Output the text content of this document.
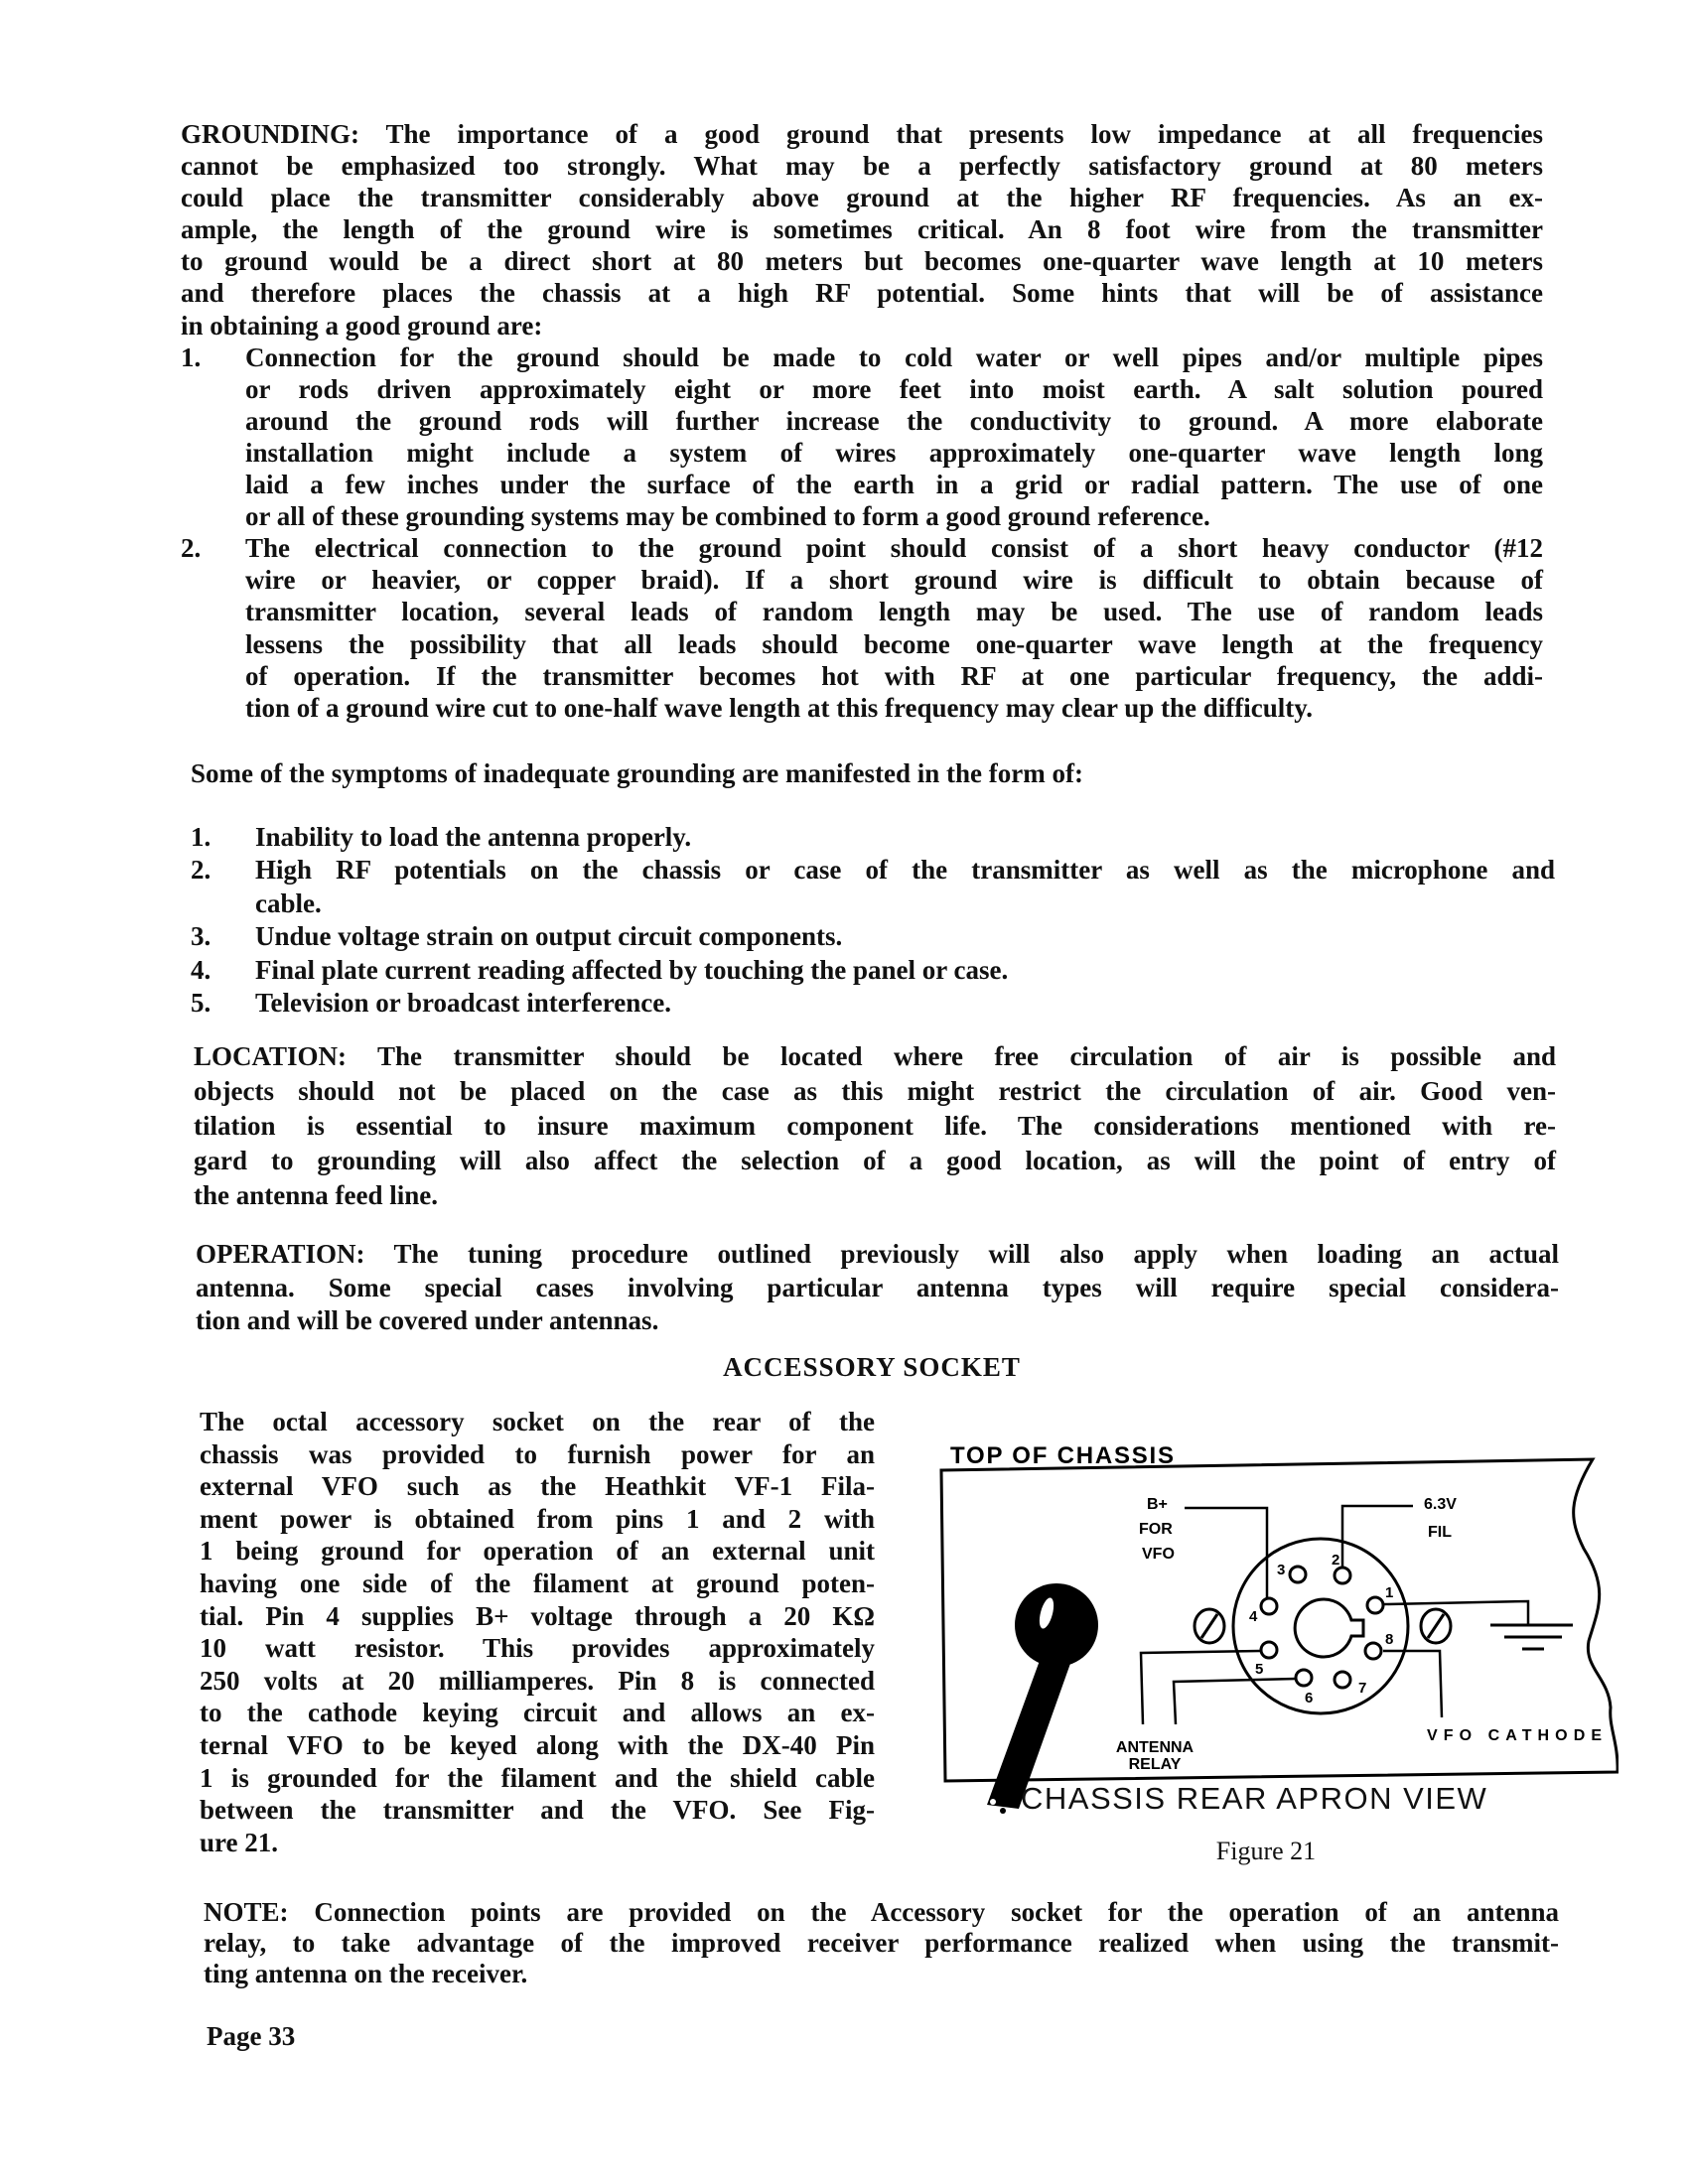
GROUNDING: The importance of a good ground that presents low impedance at all frequencies
cannot be emphasized too strongly. What may be a perfectly satisfactory ground at 80 meters
could place the transmitter considerably above ground at the higher RF frequencies. As an ex-
ample, the length of the ground wire is sometimes critical. An 8 foot wire from the transmitter
to ground would be a direct short at 80 meters but becomes one-quarter wave length at 10 meters
and therefore places the chassis at a high RF potential. Some hints that will be of assistance
in obtaining a good ground are:
1. Connection for the ground should be made to cold water or well pipes and/or multiple pipes
or rods driven approximately eight or more feet into moist earth. A salt solution poured
around the ground rods will further increase the conductivity to ground. A more elaborate
installation might include a system of wires approximately one-quarter wave length long
laid a few inches under the surface of the earth in a grid or radial pattern. The use of one
or all of these grounding systems may be combined to form a good ground reference.
2. The electrical connection to the ground point should consist of a short heavy conductor (#12
wire or heavier, or copper braid). If a short ground wire is difficult to obtain because of
transmitter location, several leads of random length may be used. The use of random leads
lessens the possibility that all leads should become one-quarter wave length at the frequency
of operation. If the transmitter becomes hot with RF at one particular frequency, the addi-
tion of a ground wire cut to one-half wave length at this frequency may clear up the difficulty.
Some of the symptoms of inadequate grounding are manifested in the form of:
1. Inability to load the antenna properly.
2. High RF potentials on the chassis or case of the transmitter as well as the microphone and
cable.
3. Undue voltage strain on output circuit components.
4. Final plate current reading affected by touching the panel or case.
5. Television or broadcast interference.
LOCATION: The transmitter should be located where free circulation of air is possible and
objects should not be placed on the case as this might restrict the circulation of air. Good ven-
tilation is essential to insure maximum component life. The considerations mentioned with re-
gard to grounding will also affect the selection of a good location, as will the point of entry of
the antenna feed line.
OPERATION: The tuning procedure outlined previously will also apply when loading an actual
antenna. Some special cases involving particular antenna types will require special considera-
tion and will be covered under antennas.
ACCESSORY SOCKET
The octal accessory socket on the rear of the
chassis was provided to furnish power for an
external VFO such as the Heathkit VF-1 Fila-
ment power is obtained from pins 1 and 2 with
1 being ground for operation of an external unit
having one side of the filament at ground poten-
tial. Pin 4 supplies B+ voltage through a 20 KΩ
10 watt resistor. This provides approximately
250 volts at 20 milliamperes. Pin 8 is connected
to the cathode keying circuit and allows an ex-
ternal VFO to be keyed along with the DX-40 Pin
1 is grounded for the filament and the shield cable
between the transmitter and the VFO. See Fig-
ure 21.
TOP OF CHASSIS
1
2
3
4
5
6
7
8
B+
FOR
VFO
6.3V
FIL
ANTENNA
RELAY
VFO CATHODE
CHASSIS REAR APRON VIEW
Figure 21
NOTE: Connection points are provided on the Accessory socket for the operation of an antenna
relay, to take advantage of the improved receiver performance realized when using the transmit-
ting antenna on the receiver.
Page 33
